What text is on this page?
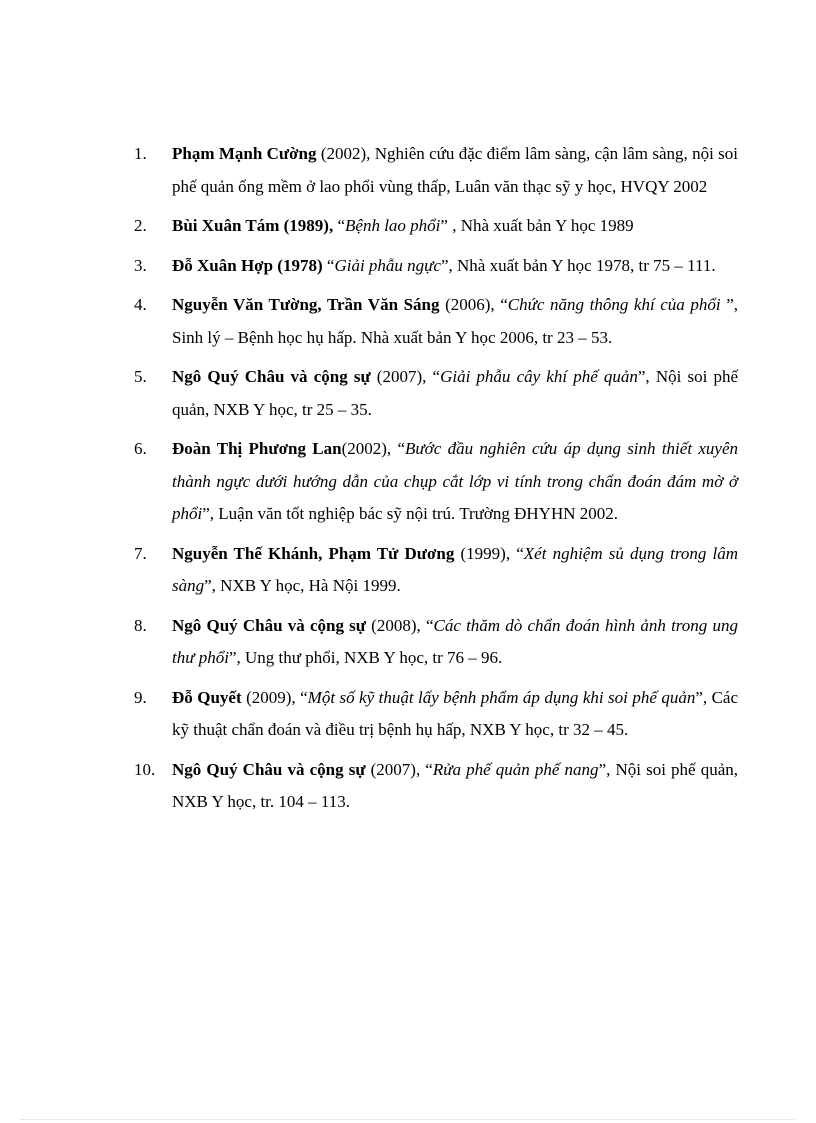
1.	Phạm Mạnh Cường (2002), Nghiên cứu đặc điểm lâm sàng, cận lâm sàng, nội soi phế quản ống mềm ở lao phổi vùng thấp, Luân văn thạc sỹ y học, HVQY 2002
2.	Bùi Xuân Tám (1989), “Bệnh lao phổi” , Nhà xuất bản Y học 1989
3.	Đỗ Xuân Hợp (1978) “Giải phẫu ngực”, Nhà xuất bản Y học 1978, tr 75 – 111.
4.	Nguyễn Văn Tường, Trần Văn Sáng (2006), “Chức năng thông khí của phổi ”, Sinh lý – Bệnh học hụ hấp. Nhà xuất bản Y học 2006, tr 23 – 53.
5.	Ngô Quý Châu và cộng sự (2007), “Giải phẫu cây khí phế quản”, Nội soi phế quản, NXB Y học, tr 25 – 35.
6.	Đoàn Thị Phương Lan(2002), “Bước đầu nghiên cứu áp dụng sinh thiết xuyên thành ngực dưới hướng dẫn của chụp cắt lớp vi tính trong chẩn đoán đám mờ ở phổi”, Luận văn tốt nghiệp bác sỹ nội trú. Trường ĐHYHN 2002.
7.	Nguyễn Thế Khánh, Phạm Tử Dương (1999), “Xét nghiệm sủ dụng trong lâm sàng”, NXB Y học, Hà Nội 1999.
8.	Ngô Quý Châu và cộng sự (2008), “Các thăm dò chẩn đoán hình ảnh trong ung thư phổi”, Ung thư phổi, NXB Y học, tr 76 – 96.
9.	Đỗ Quyết (2009), “Một số kỹ thuật lấy bệnh phẩm áp dụng khi soi phế quản”, Các kỹ thuật chẩn đoán và điều trị bệnh hụ hấp, NXB Y học, tr 32 – 45.
10. Ngô Quý Châu và cộng sự (2007), “Rửa phế quản phế nang”, Nội soi phế quản, NXB Y học, tr. 104 – 113.
